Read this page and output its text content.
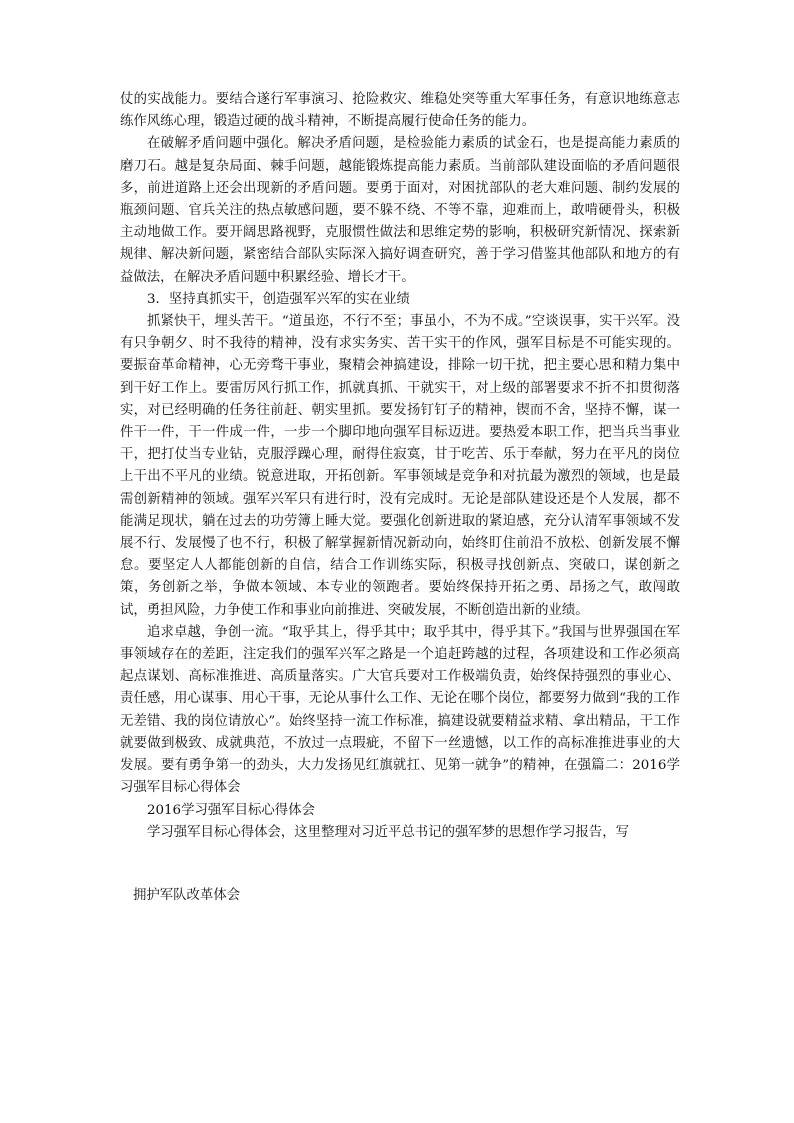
仗的实战能力。要结合遂行军事演习、抢险救灾、维稳处突等重大军事任务，有意识地练意志练作风练心理，锻造过硬的战斗精神，不断提高履行使命任务的能力。

在破解矛盾问题中强化。解决矛盾问题，是检验能力素质的试金石，也是提高能力素质的磨刀石。越是复杂局面、棘手问题，越能锻炼提高能力素质。当前部队建设面临的矛盾问题很多，前进道路上还会出现新的矛盾问题。要勇于面对，对困扰部队的老大难问题、制约发展的瓶颈问题、官兵关注的热点敏感问题，要不躲不绕、不等不靠，迎难而上，敢啃硬骨头，积极主动地做工作。要开阔思路视野，克服惯性做法和思维定势的影响，积极研究新情况、探索新规律、解决新问题，紧密结合部队实际深入搞好调查研究，善于学习借鉴其他部队和地方的有益做法，在解决矛盾问题中积累经验、增长才干。

3．坚持真抓实干，创造强军兴军的实在业绩

抓紧快干，埋头苦干。“道虽迩，不行不至；事虽小，不为不成。”空谈误事，实干兴军。没有只争朝夕、时不我待的精神，没有求实务实、苦干实干的作风，强军目标是不可能实现的。要振奋革命精神，心无旁骛干事业，聚精会神搞建设，排除一切干扰，把主要心思和精力集中到干好工作上。要雷厉风行抓工作，抓就真抓、干就实干，对上级的部署要求不折不扣贯彻落实，对已经明确的任务往前赶、朝实里抓。要发扬钉钉子的精神，锲而不舍，坚持不懈，谋一件干一件，干一件成一件，一步一个脚印地向强军目标迈进。要热爱本职工作，把当兵当事业干，把打仗当专业钻，克服浮躁心理，耐得住寂寞，甘于吃苦、乐于奉献，努力在平凡的岗位上干出不平凡的业绩。锐意进取，开拓创新。军事领域是竞争和对抗最为激烈的领域，也是最需创新精神的领域。强军兴军只有进行时，没有完成时。无论是部队建设还是个人发展，都不能满足现状，躺在过去的功劳簿上睡大觉。要强化创新进取的紧迫感，充分认清军事领域不发展不行、发展慢了也不行，积极了解掌握新情况新动向，始终盯住前沿不放松、创新发展不懈怠。要坚定人人都能创新的自信，结合工作训练实际，积极寻找创新点、突破口，谋创新之策，务创新之举，争做本领域、本专业的领跑者。要始终保持开拓之勇、昂扬之气，敢闯敢试，勇担风险，力争使工作和事业向前推进、突破发展，不断创造出新的业绩。

追求卓越，争创一流。“取乎其上，得乎其中；取乎其中，得乎其下。”我国与世界强国在军事领域存在的差距，注定我们的强军兴军之路是一个追赶跨越的过程，各项建设和工作必须高起点谋划、高标准推进、高质量落实。广大官兵要对工作极端负责，始终保持强烈的事业心、责任感，用心谋事、用心干事，无论从事什么工作、无论在哪个岗位，都要努力做到“我的工作无差错、我的岗位请放心”。始终坚持一流工作标准，搞建设就要精益求精、拿出精品，干工作就要做到极致、成就典范，不放过一点瑕疵，不留下一丝遗憾，以工作的高标准推进事业的大发展。要有勇争第一的劲头，大力发扬见红旗就扛、见第一就争”的精神，在强篇二：2016学习强军目标心得体会

2016学习强军目标心得体会

学习强军目标心得体会，这里整理对习近平总书记的强军梦的思想作学习报告，写

拥护军队改革体会
